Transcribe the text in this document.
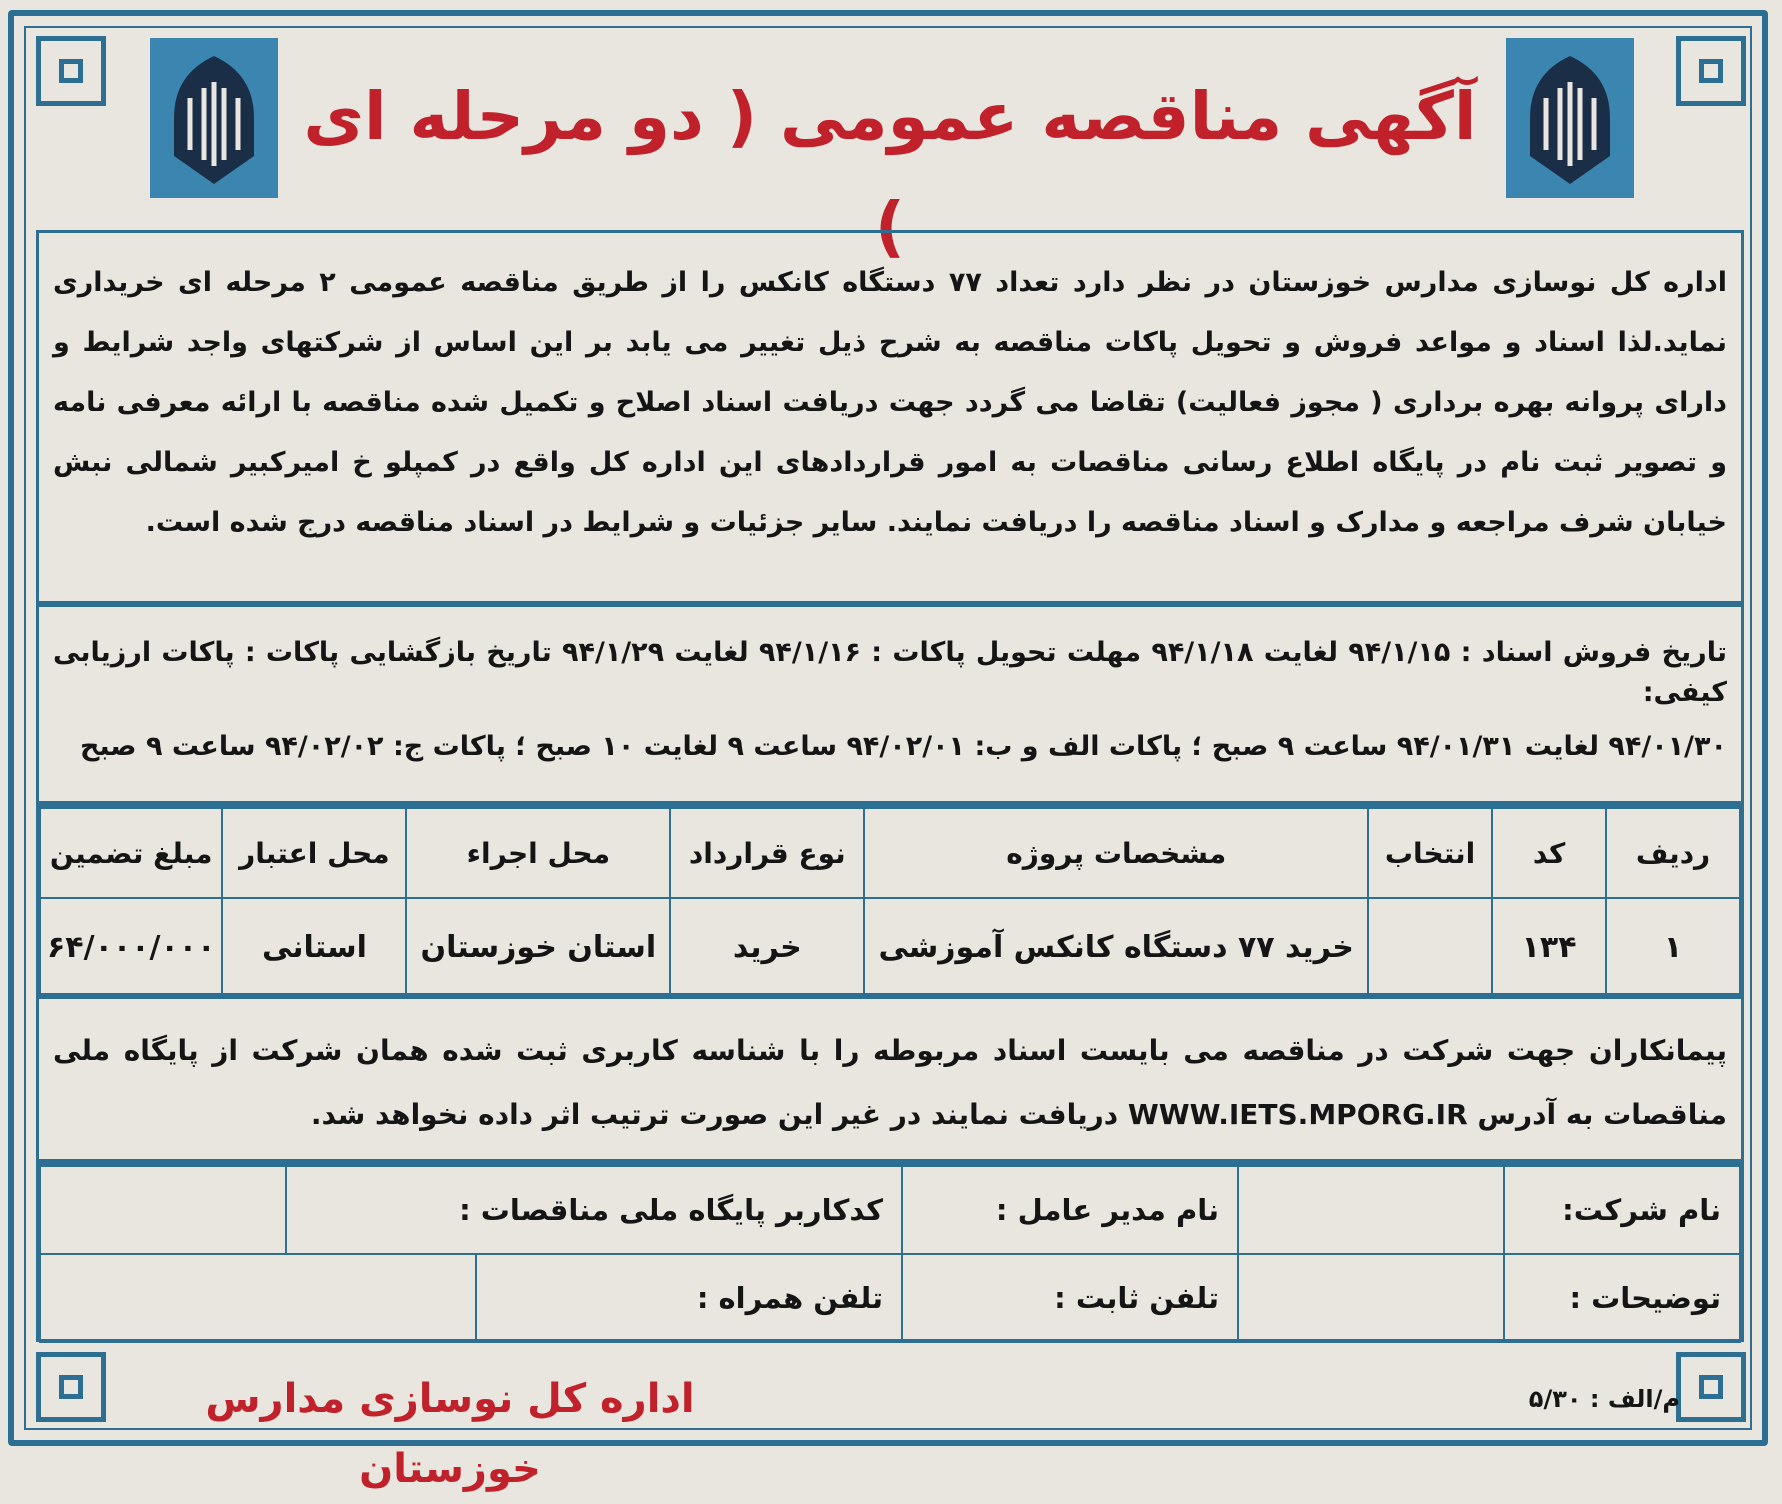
آگهی مناقصه عمومی ( دو مرحله ای )
اداره کل نوسازی مدارس خوزستان در نظر دارد تعداد ۷۷ دستگاه کانکس را از طریق مناقصه عمومی ۲ مرحله ای خریداری نماید.لذا اسناد و مواعد فروش و تحویل پاکات مناقصه به شرح ذیل تغییر می یابد بر این اساس از شرکتهای واجد شرایط و دارای پروانه بهره برداری ( مجوز فعالیت) تقاضا می گردد جهت دریافت اسناد اصلاح و تکمیل شده مناقصه با ارائه معرفی نامه و تصویر ثبت نام در پایگاه اطلاع رسانی مناقصات به امور قراردادهای این اداره کل واقع در کمپلو خ امیرکبیر شمالی نبش خیابان شرف مراجعه و مدارک و اسناد مناقصه را دریافت نمایند. سایر جزئیات و شرایط در اسناد مناقصه درج شده است.
تاریخ فروش اسناد : ۹۴/۱/۱۵ لغایت ۹۴/۱/۱۸ مهلت تحویل پاکات : ۹۴/۱/۱۶ لغایت ۹۴/۱/۲۹ تاریخ بازگشایی پاکات : پاکات ارزیابی کیفی:
۹۴/۰۱/۳۰ لغایت ۹۴/۰۱/۳۱ ساعت ۹ صبح ؛ پاکات الف و ب: ۹۴/۰۲/۰۱ ساعت ۹ لغایت ۱۰ صبح ؛ پاکات ج: ۹۴/۰۲/۰۲ ساعت ۹ صبح
ردیف	کد	انتخاب	مشخصات پروژه	نوع قرارداد	محل اجراء	محل اعتبار	مبلغ تضمین
۱	۱۳۴		خرید ۷۷ دستگاه کانکس آموزشی	خرید	استان خوزستان	استانی	۶۴/۰۰۰/۰۰۰
پیمانکاران جهت شرکت در مناقصه می بایست اسناد مربوطه را با شناسه کاربری ثبت شده همان شرکت از پایگاه ملی مناقصات به آدرس WWW.IETS.MPORG.IR دریافت نمایند در غیر این صورت ترتیب اثر داده نخواهد شد.
نام شرکت:		نام مدیر عامل :	کدکاربر پایگاه ملی مناقصات :		
توضیحات :		تلفن ثابت :	تلفن همراه :		
اداره کل نوسازی مدارس خوزستان
م/الف : ۵/۳۰
